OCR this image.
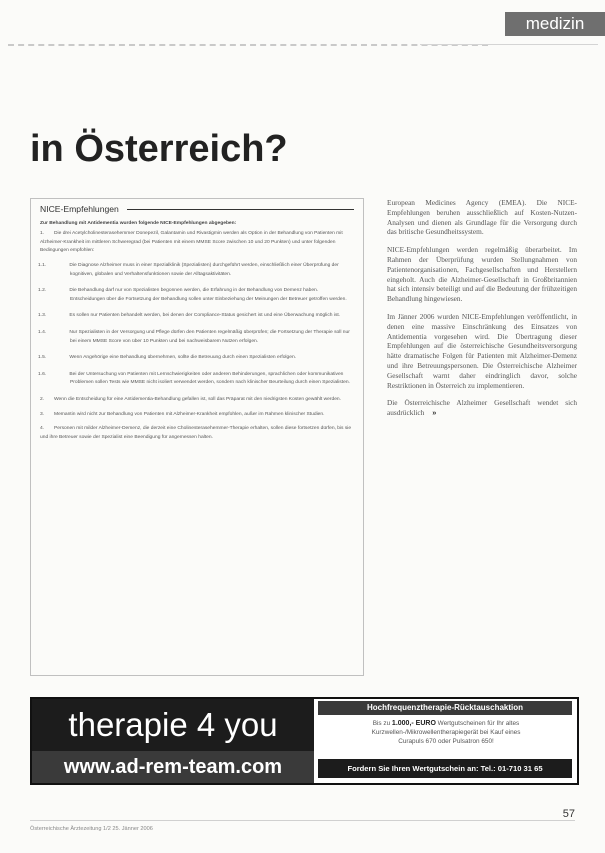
medizin
in Österreich?
NICE-Empfehlungen
Zur Behandlung mit Antidementia wurden folgende NICE-Empfehlungen abgegeben:
1. Die drei Acetylcholinesterasehemmer Donepezil, Galantamin und Rivastigmin werden als Option in der Behandlung von Patienten mit Alzheimer-Krankheit im mittleren Schweregrad (bei Patienten mit einem MMSE Score zwischen 10 und 20 Punkten) und unter folgenden Bedingungen empfohlen:
1.1.	Die Diagnose Alzheimer muss in einer Spezialklinik (Spezialisten) durchgeführt werden, einschließlich einer Überprüfung der kognitiven, globalen und Verhaltensfunktionen sowie der Alltagsaktivitäten.
1.2.	Die Behandlung darf nur von Spezialisten begonnen werden, die Erfahrung in der Behandlung von Demenz haben. Entscheidungen über die Fortsetzung der Behandlung sollen unter Einbeziehung der Meinungen der Betreuer getroffen werden.
1.3.	Es sollen nur Patienten behandelt werden, bei denen der Compliance-Status gesichert ist und eine Überwachung möglich ist.
1.4.	Nur Spezialisten in der Versorgung und Pflege dürfen den Patienten regelmäßig überprüfen; die Fortsetzung der Therapie soll nur bei einem MMSE Score von über 10 Punkten und bei nachweisbarem Nutzen erfolgen.
1.5.	Wenn Angehörige eine Behandlung übernehmen, sollte die Betreuung durch einen Spezialisten erfolgen.
1.6.	Bei der Untersuchung von Patienten mit Lernschwierigkeiten oder anderen Behinderungen, sprachlichen oder kommunikativen Problemen sollen Tests wie MMSE nicht isoliert verwendet werden, sondern nach klinischer Beurteilung durch einen Spezialisten.
2. Wenn die Entscheidung für eine Antidementia-Behandlung gefallen ist, soll das Präparat mit den niedrigsten Kosten gewählt werden.
3. Memantin wird nicht zur Behandlung von Patienten mit Alzheimer-Krankheit empfohlen, außer im Rahmen klinischer Studien.
4. Personen mit milder Alzheimer-Demenz, die derzeit eine Cholinesterasehemmer-Therapie erhalten, sollen diese fortsetzen dürfen, bis sie und ihre Betreuer sowie der Spezialist eine Beendigung für angemessen halten.

European Medicines Agency (EMEA). Die NICE-Empfehlungen beruhen ausschließlich auf Kosten-Nutzen-Analysen und dienen als Grundlage für die Versorgung durch das britische Gesundheitssystem.

NICE-Empfehlungen werden regelmäßig überarbeitet. Im Rahmen der Überprüfung wurden Stellungnahmen von Patientenorganisationen, Fachgesellschaften und Herstellern eingeholt. Auch die Alzheimer-Gesellschaft in Großbritannien hat sich intensiv beteiligt und auf die Bedeutung der frühzeitigen Behandlung hingewiesen.

Im Jänner 2006 wurden NICE-Empfehlungen veröffentlicht, in denen eine massive Einschränkung des Einsatzes von Antidementia vorgesehen wird. Die Übertragung dieser Empfehlungen auf die österreichische Gesundheitsversorgung hätte dramatische Folgen für Patienten mit Alzheimer-Demenz und ihre Betreuungspersonen. Die Österreichische Alzheimer Gesellschaft warnt daher eindringlich davor, solche Restriktionen in Österreich zu implementieren.

Die Österreichische Alzheimer Gesellschaft wendet sich ausdrücklich »

therapie 4 you
www.ad-rem-team.com
Hochfrequenztherapie-Rücktauschaktion
Bis zu 1.000,- EURO Wertgutscheinen für Ihr altes
Kurzwellen-/Mikrowellentherapiegerät bei Kauf eines
Curapuls 670 oder Pulsatron 650!
Fordern Sie Ihren Wertgutschein an: Tel.: 01-710 31 65
Österreichische Ärztezeitung 1/2 25. Jänner 2006
57
